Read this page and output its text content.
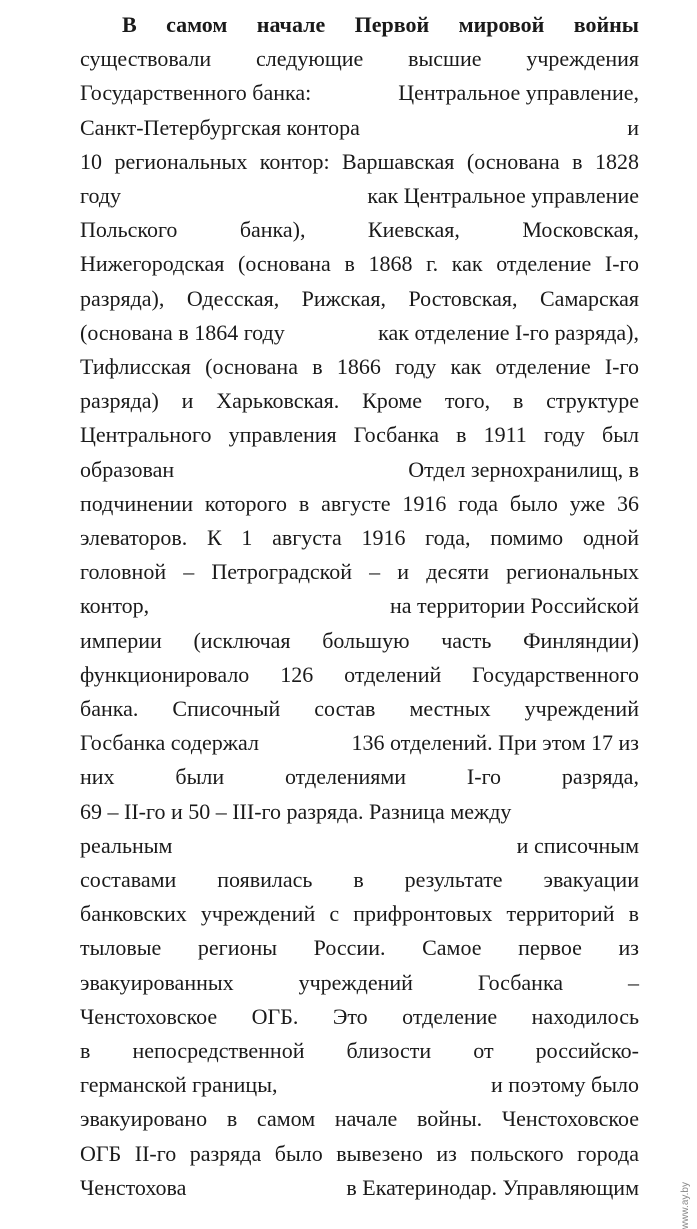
В самом начале Первой мировой войны
существовали следующие высшие учреждения
Государственного банка:	Центральное управление,
Санкт-Петербургская контора	и
10 региональных контор: Варшавская (основана в 1828
году	как Центральное управление
Польского	банка),	Киевская,	Московская,
Нижегородская (основана в 1868 г. как отделение I-го
разряда), Одесская, Рижская, Ростовская, Самарская
(основана в 1864 году	как отделение I-го разряда),
Тифлисская (основана в 1866 году как отделение I-го
разряда) и Харьковская. Кроме того, в структуре
Центрального управления Госбанка в 1911 году был
образован	Отдел зернохранилищ, в
подчинении которого в августе 1916 года было уже 36
элеваторов. К 1 августа 1916 года, помимо одной
головной – Петроградской – и десяти региональных
контор,	на территории Российской
империи (исключая большую часть Финляндии)
функционировало 126 отделений Государственного
банка. Списочный состав местных учреждений
Госбанка содержал	136 отделений. При этом 17 из
них	были	отделениями	I-го	разряда,
69 – II-го и 50 – III-го разряда. Разница между
реальным	и списочным
составами появилась в результате эвакуации
банковских учреждений с прифронтовых территорий в
тыловые регионы России. Самое первое из
эвакуированных	учреждений	Госбанка	–
Ченстоховское ОГБ. Это отделение находилось
в непосредственной близости от российско-
германской границы,	и поэтому было
эвакуировано в самом начале войны. Ченстоховское
ОГБ II-го разряда было вывезено из польского города
Ченстохова	в Екатеринодар. Управляющим	www.ay.by
